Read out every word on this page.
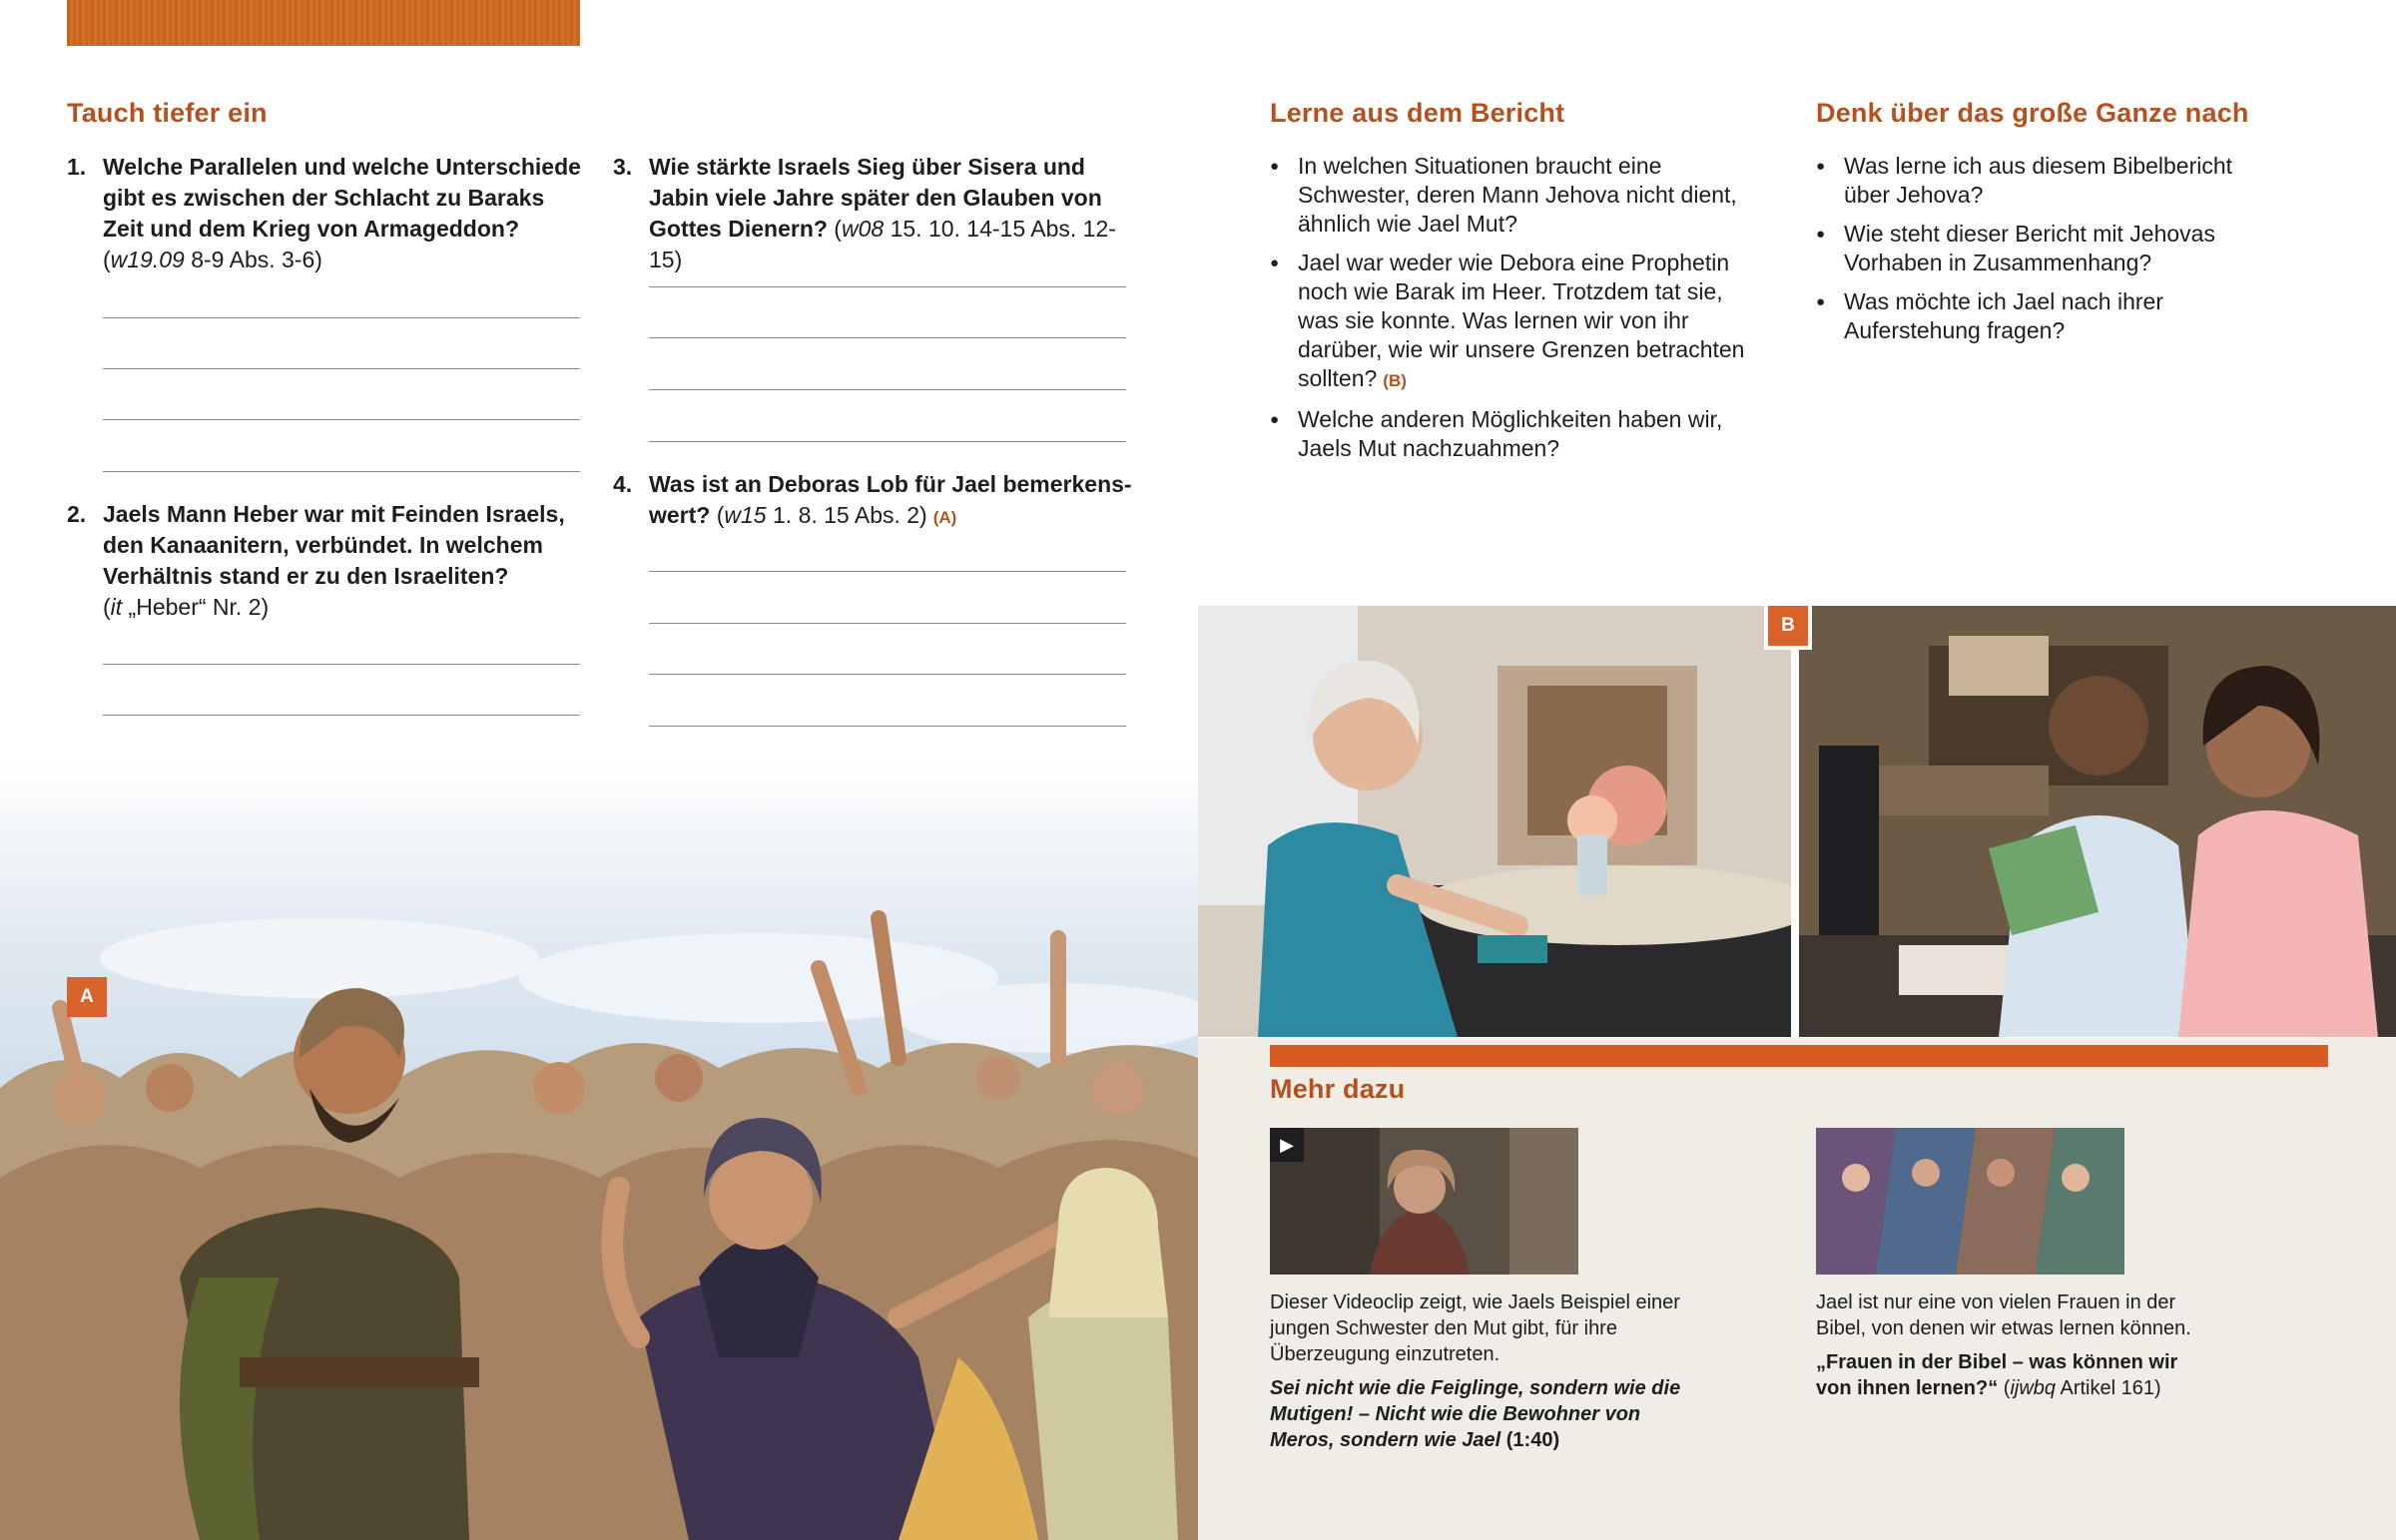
Tauch tiefer ein
1. Welche Parallelen und welche Unterschiede gibt es zwischen der Schlacht zu Baraks Zeit und dem Krieg von Armageddon?
(w19.09 8-9 Abs. 3-6)
2. Jaels Mann Heber war mit Feinden Israels, den Kanaanitern, verbündet. In welchem Verhältnis stand er zu den Israeliten?
(it „Heber“ Nr. 2)
3. Wie stärkte Israels Sieg über Sisera und Jabin viele Jahre später den Glauben von Gottes Dienern? (w08 15. 10. 14-15 Abs. 12-15)
4. Was ist an Deboras Lob für Jael bemerkenswert? (w15 1. 8. 15 Abs. 2) (A)
A
Lerne aus dem Bericht
● In welchen Situationen braucht eine Schwester, deren Mann Jehova nicht dient, ähnlich wie Jael Mut?
● Jael war weder wie Debora eine Prophetin noch wie Barak im Heer. Trotzdem tat sie, was sie konnte. Was lernen wir von ihr darüber, wie wir unsere Grenzen betrachten sollten? (B)
● Welche anderen Möglichkeiten haben wir, Jaels Mut nachzuahmen?
Denk über das große Ganze nach
● Was lerne ich aus diesem Bibelbericht über Jehova?
● Wie steht dieser Bericht mit Jehovas Vorhaben in Zusammenhang?
● Was möchte ich Jael nach ihrer Auferstehung fragen?
B
Mehr dazu
▶
Dieser Videoclip zeigt, wie Jaels Beispiel einer jungen Schwester den Mut gibt, für ihre Überzeugung einzutreten.
Sei nicht wie die Feiglinge, sondern wie die Mutigen! – Nicht wie die Bewohner von Meros, sondern wie Jael (1:40)
Jael ist nur eine von vielen Frauen in der Bibel, von denen wir etwas lernen können.
„Frauen in der Bibel – was können wir von ihnen lernen?“ (ijwbq Artikel 161)
